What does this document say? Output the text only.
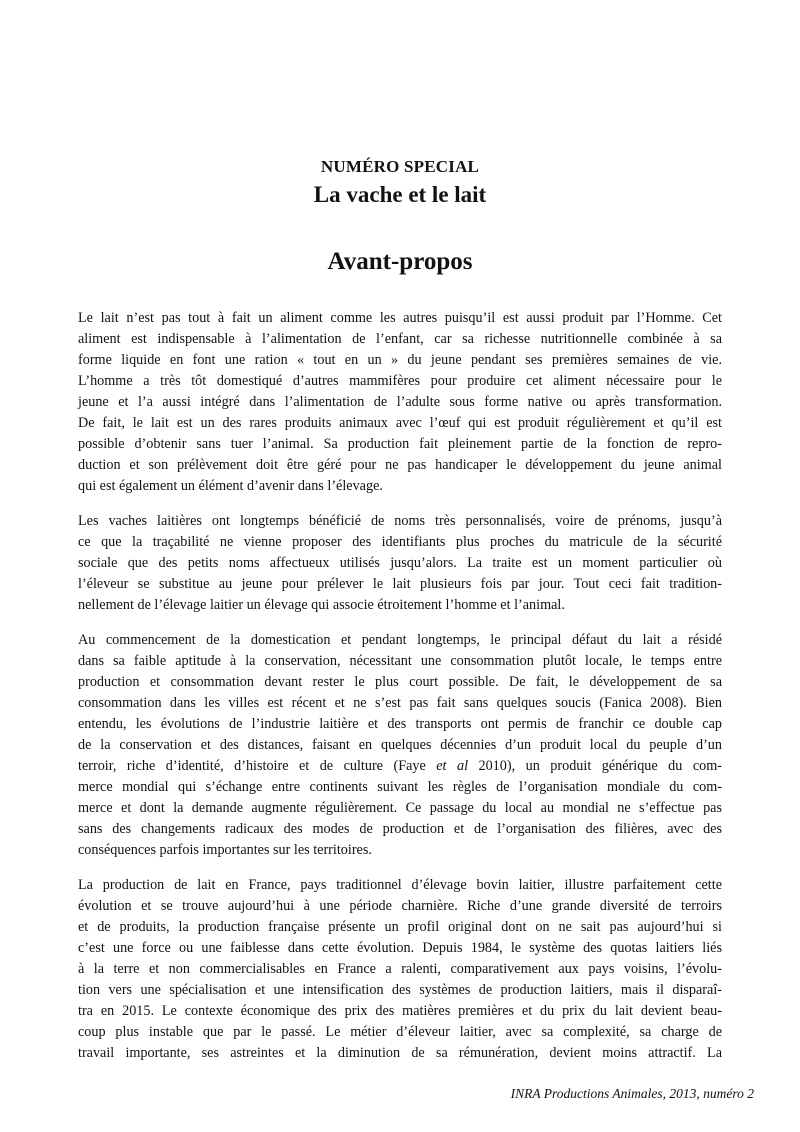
NUMÉRO SPECIAL
La vache et le lait
Avant-propos
Le lait n’est pas tout à fait un aliment comme les autres puisqu’il est aussi produit par l’Homme. Cet
aliment est indispensable à l’alimentation de l’enfant, car sa richesse nutritionnelle combinée à sa
forme liquide en font une ration « tout en un » du jeune pendant ses premières semaines de vie.
L’homme a très tôt domestiqué d’autres mammifères pour produire cet aliment nécessaire pour le
jeune et l’a aussi intégré dans l’alimentation de l’adulte sous forme native ou après transformation.
De fait, le lait est un des rares produits animaux avec l’œuf qui est produit régulièrement et qu’il est
possible d’obtenir sans tuer l’animal. Sa production fait pleinement partie de la fonction de repro-
duction et son prélèvement doit être géré pour ne pas handicaper le développement du jeune animal
qui est également un élément d’avenir dans l’élevage.
Les vaches laitières ont longtemps bénéficié de noms très personnalisés, voire de prénoms, jusqu’à
ce que la traçabilité ne vienne proposer des identifiants plus proches du matricule de la sécurité
sociale que des petits noms affectueux utilisés jusqu’alors. La traite est un moment particulier où
l’éleveur se substitue au jeune pour prélever le lait plusieurs fois par jour. Tout ceci fait tradition-
nellement de l’élevage laitier un élevage qui associe étroitement l’homme et l’animal.
Au commencement de la domestication et pendant longtemps, le principal défaut du lait a résidé
dans sa faible aptitude à la conservation, nécessitant une consommation plutôt locale, le temps entre
production et consommation devant rester le plus court possible. De fait, le développement de sa
consommation dans les villes est récent et ne s’est pas fait sans quelques soucis (Fanica 2008). Bien
entendu, les évolutions de l’industrie laitière et des transports ont permis de franchir ce double cap
de la conservation et des distances, faisant en quelques décennies d’un produit local du peuple d’un
terroir, riche d’identité, d’histoire et de culture (Faye et al 2010), un produit générique du com-
merce mondial qui s’échange entre continents suivant les règles de l’organisation mondiale du com-
merce et dont la demande augmente régulièrement. Ce passage du local au mondial ne s’effectue pas
sans des changements radicaux des modes de production et de l’organisation des filières, avec des
conséquences parfois importantes sur les territoires.
La production de lait en France, pays traditionnel d’élevage bovin laitier, illustre parfaitement cette
évolution et se trouve aujourd’hui à une période charnière. Riche d’une grande diversité de terroirs
et de produits, la production française présente un profil original dont on ne sait pas aujourd’hui si
c’est une force ou une faiblesse dans cette évolution. Depuis 1984, le système des quotas laitiers liés
à la terre et non commercialisables en France a ralenti, comparativement aux pays voisins, l’évolu-
tion vers une spécialisation et une intensification des systèmes de production laitiers, mais il disparaî-
tra en 2015. Le contexte économique des prix des matières premières et du prix du lait devient beau-
coup plus instable que par le passé. Le métier d’éleveur laitier, avec sa complexité, sa charge de
travail importante, ses astreintes et la diminution de sa rémunération, devient moins attractif. La
INRA Productions Animales, 2013, numéro 2
